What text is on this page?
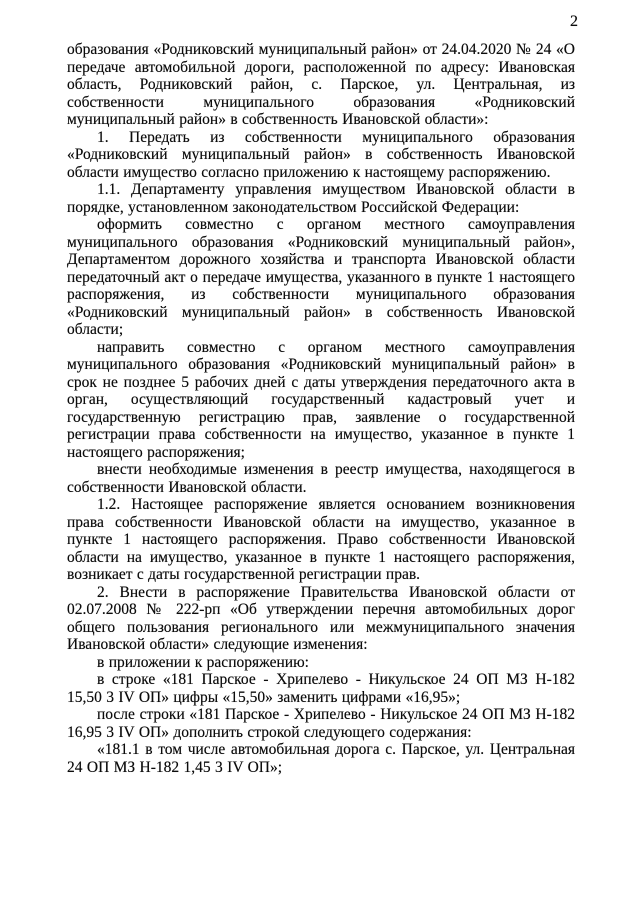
2

образования «Родниковский муниципальный район» от 24.04.2020 № 24 «О передаче автомобильной дороги, расположенной по адресу: Ивановская область, Родниковский район, с. Парское, ул. Центральная, из собственности муниципального образования «Родниковский муниципальный район» в собственность Ивановской области»:

1. Передать из собственности муниципального образования «Родниковский муниципальный район» в собственность Ивановской области имущество согласно приложению к настоящему распоряжению.

1.1. Департаменту управления имуществом Ивановской области в порядке, установленном законодательством Российской Федерации:

оформить совместно с органом местного самоуправления муниципального образования «Родниковский муниципальный район», Департаментом дорожного хозяйства и транспорта Ивановской области передаточный акт о передаче имущества, указанного в пункте 1 настоящего распоряжения, из собственности муниципального образования «Родниковский муниципальный район» в собственность Ивановской области;

направить совместно с органом местного самоуправления муниципального образования «Родниковский муниципальный район» в срок не позднее 5 рабочих дней с даты утверждения передаточного акта в орган, осуществляющий государственный кадастровый учет и государственную регистрацию прав, заявление о государственной регистрации права собственности на имущество, указанное в пункте 1 настоящего распоряжения;

внести необходимые изменения в реестр имущества, находящегося в собственности Ивановской области.

1.2. Настоящее распоряжение является основанием возникновения права собственности Ивановской области на имущество, указанное в пункте 1 настоящего распоряжения. Право собственности Ивановской области на имущество, указанное в пункте 1 настоящего распоряжения, возникает с даты государственной регистрации прав.

2. Внести в распоряжение Правительства Ивановской области от 02.07.2008 № 222-рп «Об утверждении перечня автомобильных дорог общего пользования регионального или межмуниципального значения Ивановской области» следующие изменения:

в приложении к распоряжению:

в строке «181 Парское - Хрипелево - Никульское 24 ОП МЗ Н-182 15,50 3 IV ОП» цифры «15,50» заменить цифрами «16,95»;

после строки «181 Парское - Хрипелево - Никульское 24 ОП МЗ Н-182 16,95 3 IV ОП» дополнить строкой следующего содержания:

«181.1 в том числе автомобильная дорога с. Парское, ул. Центральная 24 ОП МЗ Н-182 1,45 3 IV ОП»;
